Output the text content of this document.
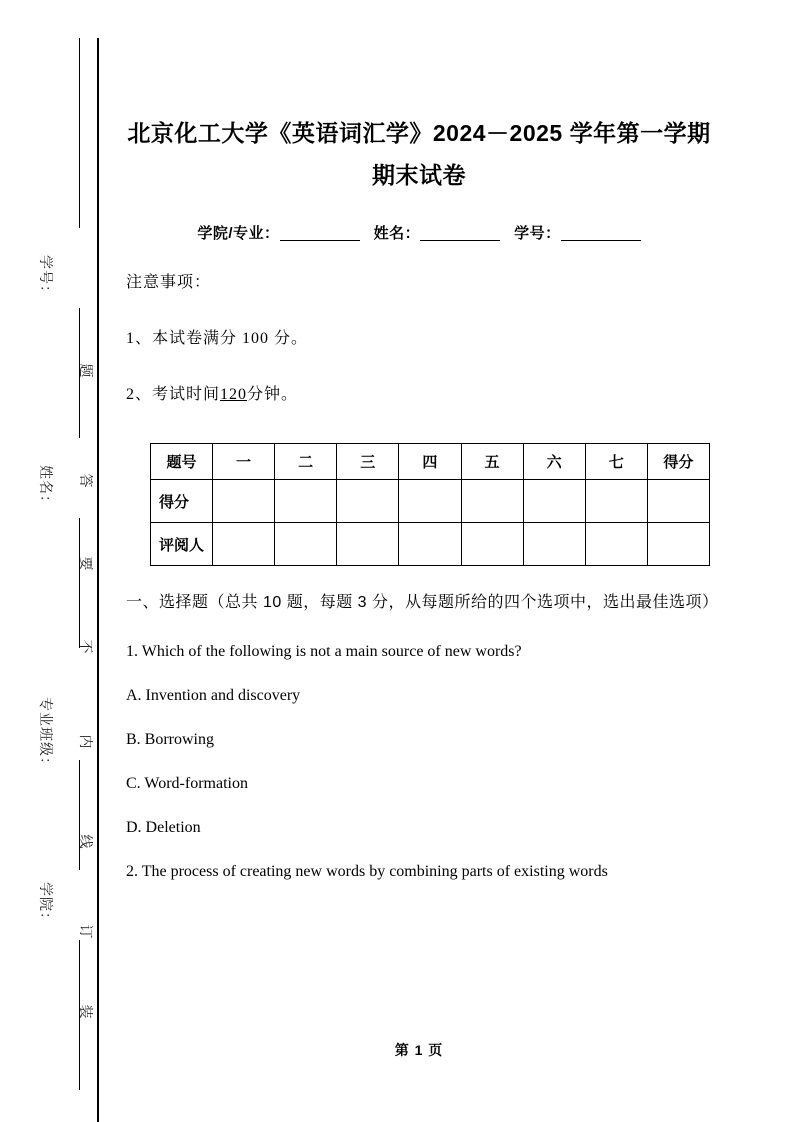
学号：
姓名：
专业班级：
学院：
题
答
要
不
内
线
订
装
北京化工大学《英语词汇学》2024－2025 学年第一学期期末试卷
学院/专业：	姓名：	学号：

注意事项：

1、本试卷满分 100 分。

2、考试时间120分钟。

题号	一	二	三	四	五	六	七	得分
得分								
评阅人								

一、选择题（总共 10 题，每题 3 分，从每题所给的四个选项中，选出最佳选项）

1. Which of the following is not a main source of new words?

A. Invention and discovery

B. Borrowing

C. Word-formation

D. Deletion

2. The process of creating new words by combining parts of existing words

第 1 页
